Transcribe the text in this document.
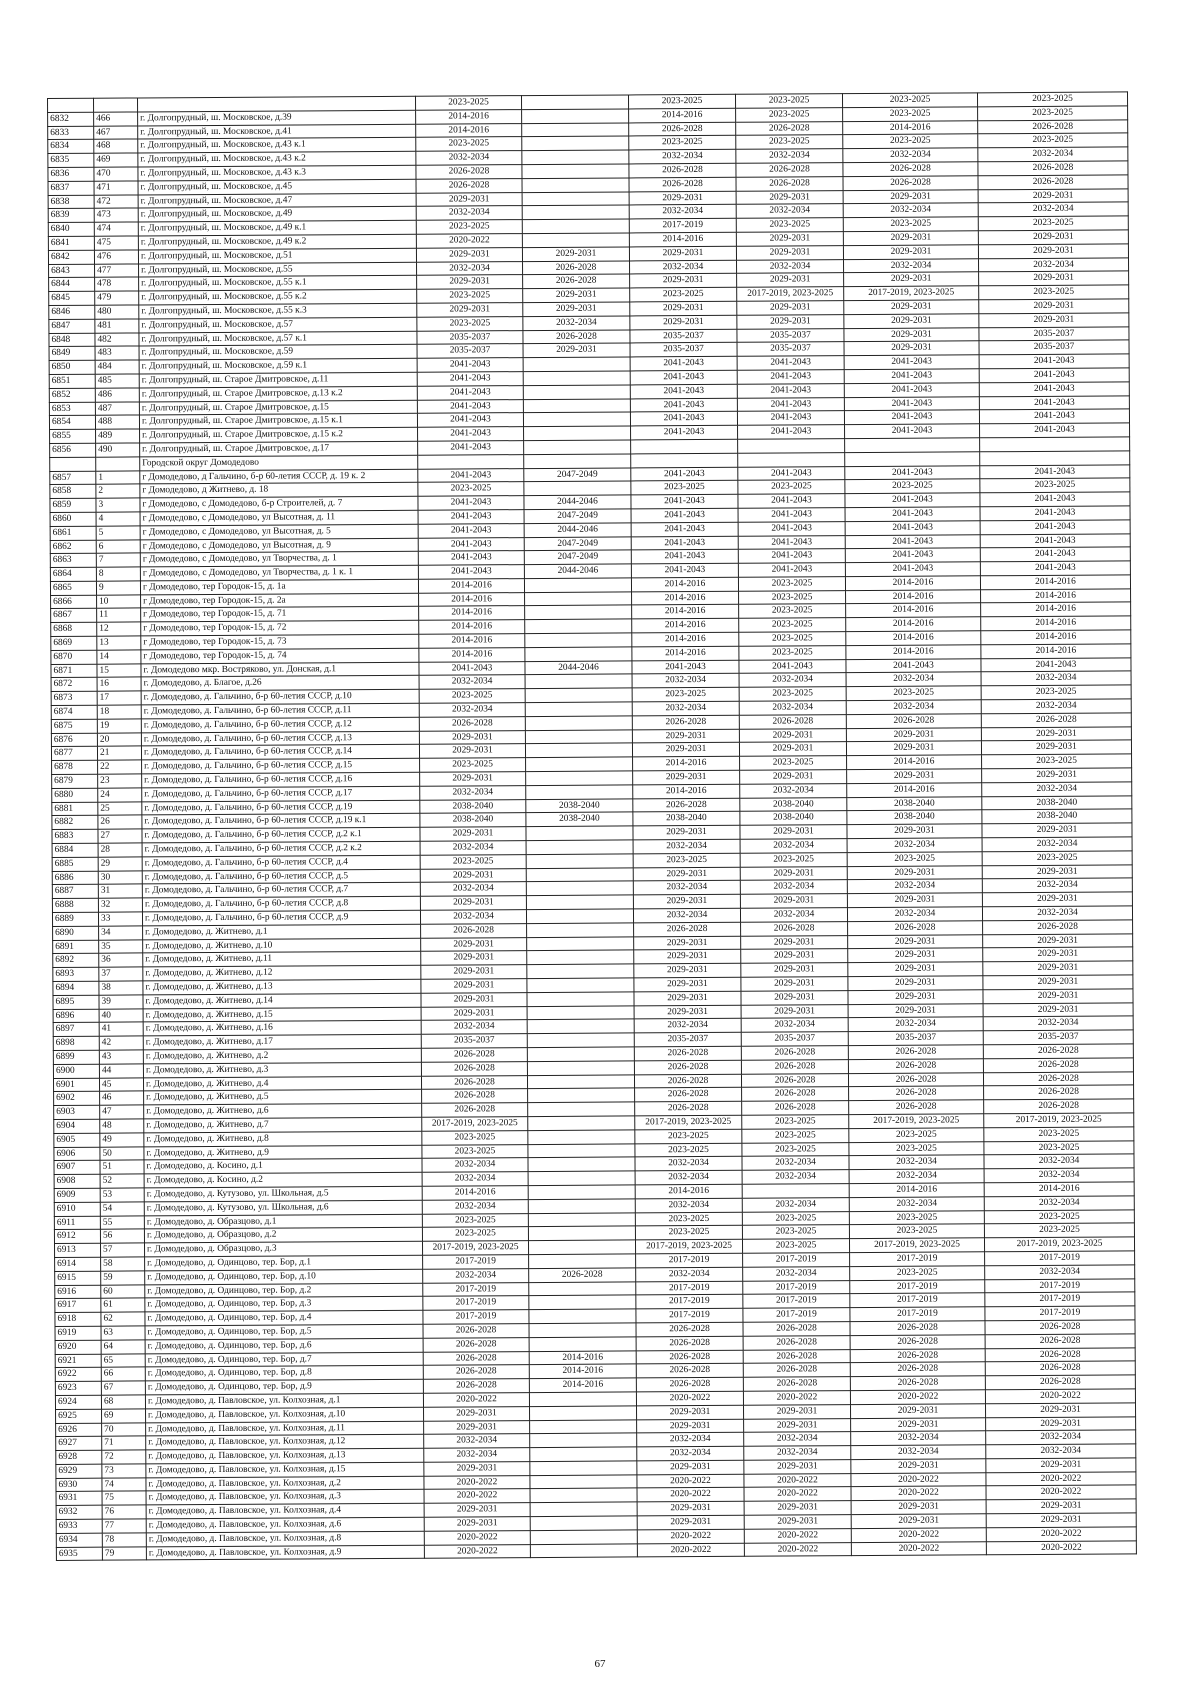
			2023-2025		2023-2025	2023-2025	2023-2025	2023-2025
6832	466	г. Долгопрудный, ш. Московское, д.39	2014-2016		2014-2016	2023-2025	2023-2025	2023-2025
6833	467	г. Долгопрудный, ш. Московское, д.41	2014-2016		2026-2028	2026-2028	2014-2016	2026-2028
6834	468	г. Долгопрудный, ш. Московское, д.43 к.1	2023-2025		2023-2025	2023-2025	2023-2025	2023-2025
6835	469	г. Долгопрудный, ш. Московское, д.43 к.2	2032-2034		2032-2034	2032-2034	2032-2034	2032-2034
6836	470	г. Долгопрудный, ш. Московское, д.43 к.3	2026-2028		2026-2028	2026-2028	2026-2028	2026-2028
6837	471	г. Долгопрудный, ш. Московское, д.45	2026-2028		2026-2028	2026-2028	2026-2028	2026-2028
6838	472	г. Долгопрудный, ш. Московское, д.47	2029-2031		2029-2031	2029-2031	2029-2031	2029-2031
6839	473	г. Долгопрудный, ш. Московское, д.49	2032-2034		2032-2034	2032-2034	2032-2034	2032-2034
6840	474	г. Долгопрудный, ш. Московское, д.49 к.1	2023-2025		2017-2019	2023-2025	2023-2025	2023-2025
6841	475	г. Долгопрудный, ш. Московское, д.49 к.2	2020-2022		2014-2016	2029-2031	2029-2031	2029-2031
6842	476	г. Долгопрудный, ш. Московское, д.51	2029-2031	2029-2031	2029-2031	2029-2031	2029-2031	2029-2031
6843	477	г. Долгопрудный, ш. Московское, д.55	2032-2034	2026-2028	2032-2034	2032-2034	2032-2034	2032-2034
6844	478	г. Долгопрудный, ш. Московское, д.55 к.1	2029-2031	2026-2028	2029-2031	2029-2031	2029-2031	2029-2031
6845	479	г. Долгопрудный, ш. Московское, д.55 к.2	2023-2025	2029-2031	2023-2025	2017-2019, 2023-2025	2017-2019, 2023-2025	2023-2025
6846	480	г. Долгопрудный, ш. Московское, д.55 к.3	2029-2031	2029-2031	2029-2031	2029-2031	2029-2031	2029-2031
6847	481	г. Долгопрудный, ш. Московское, д.57	2023-2025	2032-2034	2029-2031	2029-2031	2029-2031	2029-2031
6848	482	г. Долгопрудный, ш. Московское, д.57 к.1	2035-2037	2026-2028	2035-2037	2035-2037	2029-2031	2035-2037
6849	483	г. Долгопрудный, ш. Московское, д.59	2035-2037	2029-2031	2035-2037	2035-2037	2029-2031	2035-2037
6850	484	г. Долгопрудный, ш. Московское, д.59 к.1	2041-2043		2041-2043	2041-2043	2041-2043	2041-2043
6851	485	г. Долгопрудный, ш. Старое Дмитровское, д.11	2041-2043		2041-2043	2041-2043	2041-2043	2041-2043
6852	486	г. Долгопрудный, ш. Старое Дмитровское, д.13 к.2	2041-2043		2041-2043	2041-2043	2041-2043	2041-2043
6853	487	г. Долгопрудный, ш. Старое Дмитровское, д.15	2041-2043		2041-2043	2041-2043	2041-2043	2041-2043
6854	488	г. Долгопрудный, ш. Старое Дмитровское, д.15 к.1	2041-2043		2041-2043	2041-2043	2041-2043	2041-2043
6855	489	г. Долгопрудный, ш. Старое Дмитровское, д.15 к.2	2041-2043		2041-2043	2041-2043	2041-2043	2041-2043
6856	490	г. Долгопрудный, ш. Старое Дмитровское, д.17	2041-2043					
		Городской округ Домодедово						
6857	1	г Домодедово, д Гальчино, б-р 60-летия СССР, д. 19 к. 2	2041-2043	2047-2049	2041-2043	2041-2043	2041-2043	2041-2043
6858	2	г Домодедово, д Житнево, д. 18	2023-2025		2023-2025	2023-2025	2023-2025	2023-2025
6859	3	г Домодедово, с Домодедово, б-р Строителей, д. 7	2041-2043	2044-2046	2041-2043	2041-2043	2041-2043	2041-2043
6860	4	г Домодедово, с Домодедово, ул Высотная, д. 11	2041-2043	2047-2049	2041-2043	2041-2043	2041-2043	2041-2043
6861	5	г Домодедово, с Домодедово, ул Высотная, д. 5	2041-2043	2044-2046	2041-2043	2041-2043	2041-2043	2041-2043
6862	6	г Домодедово, с Домодедово, ул Высотная, д. 9	2041-2043	2047-2049	2041-2043	2041-2043	2041-2043	2041-2043
6863	7	г Домодедово, с Домодедово, ул Творчества, д. 1	2041-2043	2047-2049	2041-2043	2041-2043	2041-2043	2041-2043
6864	8	г Домодедово, с Домодедово, ул Творчества, д. 1 к. 1	2041-2043	2044-2046	2041-2043	2041-2043	2041-2043	2041-2043
6865	9	г Домодедово, тер Городок-15, д. 1а	2014-2016		2014-2016	2023-2025	2014-2016	2014-2016
6866	10	г Домодедово, тер Городок-15, д. 2а	2014-2016		2014-2016	2023-2025	2014-2016	2014-2016
6867	11	г Домодедово, тер Городок-15, д. 71	2014-2016		2014-2016	2023-2025	2014-2016	2014-2016
6868	12	г Домодедово, тер Городок-15, д. 72	2014-2016		2014-2016	2023-2025	2014-2016	2014-2016
6869	13	г Домодедово, тер Городок-15, д. 73	2014-2016		2014-2016	2023-2025	2014-2016	2014-2016
6870	14	г Домодедово, тер Городок-15, д. 74	2014-2016		2014-2016	2023-2025	2014-2016	2014-2016
6871	15	г. Домодедово мкр. Востряково, ул. Донская, д.1	2041-2043	2044-2046	2041-2043	2041-2043	2041-2043	2041-2043
6872	16	г. Домодедово, д. Благое, д.26	2032-2034		2032-2034	2032-2034	2032-2034	2032-2034
6873	17	г. Домодедово, д. Гальчино, б-р 60-летия СССР, д.10	2023-2025		2023-2025	2023-2025	2023-2025	2023-2025
6874	18	г. Домодедово, д. Гальчино, б-р 60-летия СССР, д.11	2032-2034		2032-2034	2032-2034	2032-2034	2032-2034
6875	19	г. Домодедово, д. Гальчино, б-р 60-летия СССР, д.12	2026-2028		2026-2028	2026-2028	2026-2028	2026-2028
6876	20	г. Домодедово, д. Гальчино, б-р 60-летия СССР, д.13	2029-2031		2029-2031	2029-2031	2029-2031	2029-2031
6877	21	г. Домодедово, д. Гальчино, б-р 60-летия СССР, д.14	2029-2031		2029-2031	2029-2031	2029-2031	2029-2031
6878	22	г. Домодедово, д. Гальчино, б-р 60-летия СССР, д.15	2023-2025		2014-2016	2023-2025	2014-2016	2023-2025
6879	23	г. Домодедово, д. Гальчино, б-р 60-летия СССР, д.16	2029-2031		2029-2031	2029-2031	2029-2031	2029-2031
6880	24	г. Домодедово, д. Гальчино, б-р 60-летия СССР, д.17	2032-2034		2014-2016	2032-2034	2014-2016	2032-2034
6881	25	г. Домодедово, д. Гальчино, б-р 60-летия СССР, д.19	2038-2040	2038-2040	2026-2028	2038-2040	2038-2040	2038-2040
6882	26	г. Домодедово, д. Гальчино, б-р 60-летия СССР, д.19 к.1	2038-2040	2038-2040	2038-2040	2038-2040	2038-2040	2038-2040
6883	27	г. Домодедово, д. Гальчино, б-р 60-летия СССР, д.2 к.1	2029-2031		2029-2031	2029-2031	2029-2031	2029-2031
6884	28	г. Домодедово, д. Гальчино, б-р 60-летия СССР, д.2 к.2	2032-2034		2032-2034	2032-2034	2032-2034	2032-2034
6885	29	г. Домодедово, д. Гальчино, б-р 60-летия СССР, д.4	2023-2025		2023-2025	2023-2025	2023-2025	2023-2025
6886	30	г. Домодедово, д. Гальчино, б-р 60-летия СССР, д.5	2029-2031		2029-2031	2029-2031	2029-2031	2029-2031
6887	31	г. Домодедово, д. Гальчино, б-р 60-летия СССР, д.7	2032-2034		2032-2034	2032-2034	2032-2034	2032-2034
6888	32	г. Домодедово, д. Гальчино, б-р 60-летия СССР, д.8	2029-2031		2029-2031	2029-2031	2029-2031	2029-2031
6889	33	г. Домодедово, д. Гальчино, б-р 60-летия СССР, д.9	2032-2034		2032-2034	2032-2034	2032-2034	2032-2034
6890	34	г. Домодедово, д. Житнево, д.1	2026-2028		2026-2028	2026-2028	2026-2028	2026-2028
6891	35	г. Домодедово, д. Житнево, д.10	2029-2031		2029-2031	2029-2031	2029-2031	2029-2031
6892	36	г. Домодедово, д. Житнево, д.11	2029-2031		2029-2031	2029-2031	2029-2031	2029-2031
6893	37	г. Домодедово, д. Житнево, д.12	2029-2031		2029-2031	2029-2031	2029-2031	2029-2031
6894	38	г. Домодедово, д. Житнево, д.13	2029-2031		2029-2031	2029-2031	2029-2031	2029-2031
6895	39	г. Домодедово, д. Житнево, д.14	2029-2031		2029-2031	2029-2031	2029-2031	2029-2031
6896	40	г. Домодедово, д. Житнево, д.15	2029-2031		2029-2031	2029-2031	2029-2031	2029-2031
6897	41	г. Домодедово, д. Житнево, д.16	2032-2034		2032-2034	2032-2034	2032-2034	2032-2034
6898	42	г. Домодедово, д. Житнево, д.17	2035-2037		2035-2037	2035-2037	2035-2037	2035-2037
6899	43	г. Домодедово, д. Житнево, д.2	2026-2028		2026-2028	2026-2028	2026-2028	2026-2028
6900	44	г. Домодедово, д. Житнево, д.3	2026-2028		2026-2028	2026-2028	2026-2028	2026-2028
6901	45	г. Домодедово, д. Житнево, д.4	2026-2028		2026-2028	2026-2028	2026-2028	2026-2028
6902	46	г. Домодедово, д. Житнево, д.5	2026-2028		2026-2028	2026-2028	2026-2028	2026-2028
6903	47	г. Домодедово, д. Житнево, д.6	2026-2028		2026-2028	2026-2028	2026-2028	2026-2028
6904	48	г. Домодедово, д. Житнево, д.7	2017-2019, 2023-2025		2017-2019, 2023-2025	2023-2025	2017-2019, 2023-2025	2017-2019, 2023-2025
6905	49	г. Домодедово, д. Житнево, д.8	2023-2025		2023-2025	2023-2025	2023-2025	2023-2025
6906	50	г. Домодедово, д. Житнево, д.9	2023-2025		2023-2025	2023-2025	2023-2025	2023-2025
6907	51	г. Домодедово, д. Косино, д.1	2032-2034		2032-2034	2032-2034	2032-2034	2032-2034
6908	52	г. Домодедово, д. Косино, д.2	2032-2034		2032-2034	2032-2034	2032-2034	2032-2034
6909	53	г. Домодедово, д. Кутузово, ул. Школьная, д.5	2014-2016		2014-2016		2014-2016	2014-2016
6910	54	г. Домодедово, д. Кутузово, ул. Школьная, д.6	2032-2034		2032-2034	2032-2034	2032-2034	2032-2034
6911	55	г. Домодедово, д. Образцово, д.1	2023-2025		2023-2025	2023-2025	2023-2025	2023-2025
6912	56	г. Домодедово, д. Образцово, д.2	2023-2025		2023-2025	2023-2025	2023-2025	2023-2025
6913	57	г. Домодедово, д. Образцово, д.3	2017-2019, 2023-2025		2017-2019, 2023-2025	2023-2025	2017-2019, 2023-2025	2017-2019, 2023-2025
6914	58	г. Домодедово, д. Одинцово, тер. Бор, д.1	2017-2019		2017-2019	2017-2019	2017-2019	2017-2019
6915	59	г. Домодедово, д. Одинцово, тер. Бор, д.10	2032-2034	2026-2028	2032-2034	2032-2034	2023-2025	2032-2034
6916	60	г. Домодедово, д. Одинцово, тер. Бор, д.2	2017-2019		2017-2019	2017-2019	2017-2019	2017-2019
6917	61	г. Домодедово, д. Одинцово, тер. Бор, д.3	2017-2019		2017-2019	2017-2019	2017-2019	2017-2019
6918	62	г. Домодедово, д. Одинцово, тер. Бор, д.4	2017-2019		2017-2019	2017-2019	2017-2019	2017-2019
6919	63	г. Домодедово, д. Одинцово, тер. Бор, д.5	2026-2028		2026-2028	2026-2028	2026-2028	2026-2028
6920	64	г. Домодедово, д. Одинцово, тер. Бор, д.6	2026-2028		2026-2028	2026-2028	2026-2028	2026-2028
6921	65	г. Домодедово, д. Одинцово, тер. Бор, д.7	2026-2028	2014-2016	2026-2028	2026-2028	2026-2028	2026-2028
6922	66	г. Домодедово, д. Одинцово, тер. Бор, д.8	2026-2028	2014-2016	2026-2028	2026-2028	2026-2028	2026-2028
6923	67	г. Домодедово, д. Одинцово, тер. Бор, д.9	2026-2028	2014-2016	2026-2028	2026-2028	2026-2028	2026-2028
6924	68	г. Домодедово, д. Павловское, ул. Колхозная, д.1	2020-2022		2020-2022	2020-2022	2020-2022	2020-2022
6925	69	г. Домодедово, д. Павловское, ул. Колхозная, д.10	2029-2031		2029-2031	2029-2031	2029-2031	2029-2031
6926	70	г. Домодедово, д. Павловское, ул. Колхозная, д.11	2029-2031		2029-2031	2029-2031	2029-2031	2029-2031
6927	71	г. Домодедово, д. Павловское, ул. Колхозная, д.12	2032-2034		2032-2034	2032-2034	2032-2034	2032-2034
6928	72	г. Домодедово, д. Павловское, ул. Колхозная, д.13	2032-2034		2032-2034	2032-2034	2032-2034	2032-2034
6929	73	г. Домодедово, д. Павловское, ул. Колхозная, д.15	2029-2031		2029-2031	2029-2031	2029-2031	2029-2031
6930	74	г. Домодедово, д. Павловское, ул. Колхозная, д.2	2020-2022		2020-2022	2020-2022	2020-2022	2020-2022
6931	75	г. Домодедово, д. Павловское, ул. Колхозная, д.3	2020-2022		2020-2022	2020-2022	2020-2022	2020-2022
6932	76	г. Домодедово, д. Павловское, ул. Колхозная, д.4	2029-2031		2029-2031	2029-2031	2029-2031	2029-2031
6933	77	г. Домодедово, д. Павловское, ул. Колхозная, д.6	2029-2031		2029-2031	2029-2031	2029-2031	2029-2031
6934	78	г. Домодедово, д. Павловское, ул. Колхозная, д.8	2020-2022		2020-2022	2020-2022	2020-2022	2020-2022
6935	79	г. Домодедово, д. Павловское, ул. Колхозная, д.9	2020-2022		2020-2022	2020-2022	2020-2022	2020-2022
67
